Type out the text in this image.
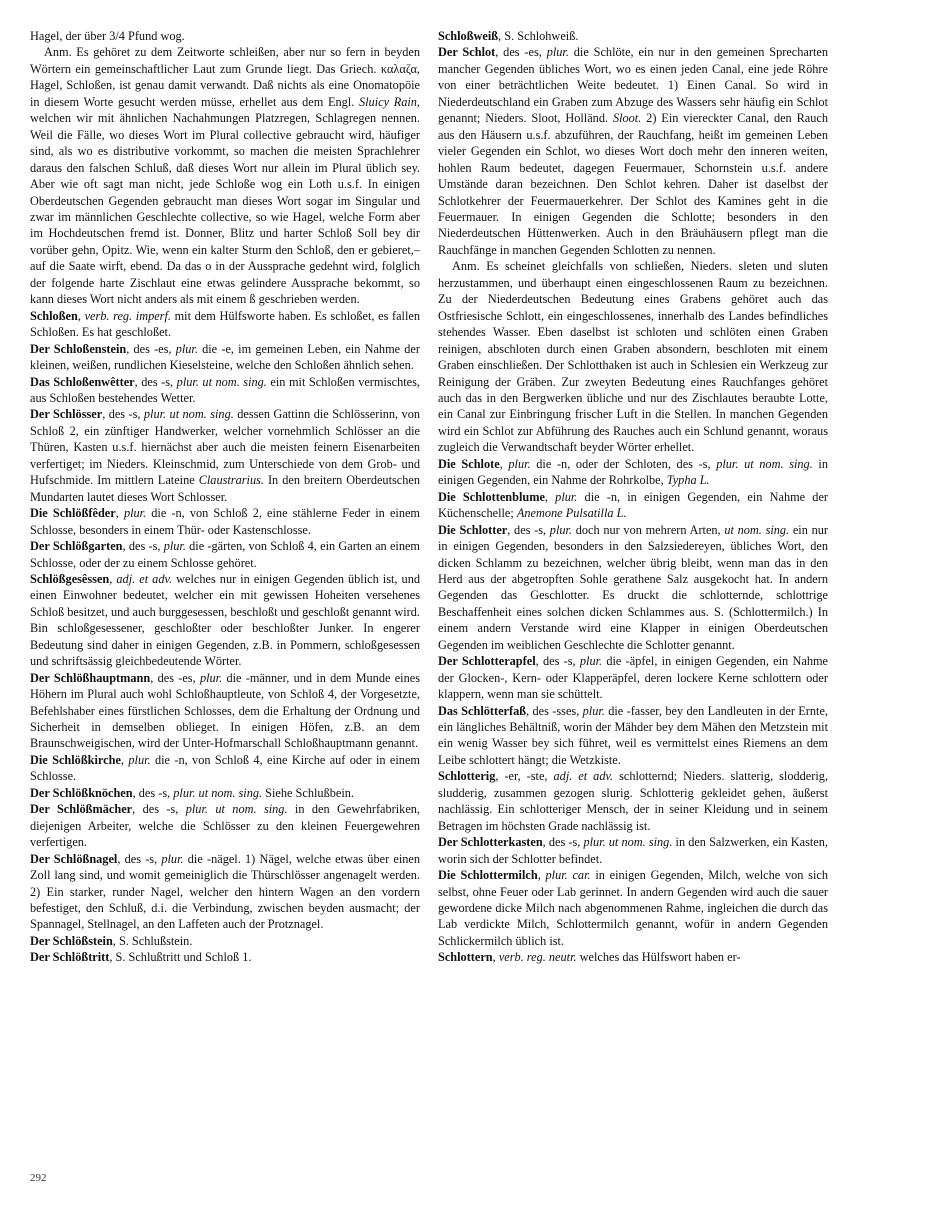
Hagel, der über 3/4 Pfund wog.

Anm. Es gehöret zu dem Zeitworte schleißen, aber nur so fern in beyden Wörtern ein gemeinschaftlicher Laut zum Grunde liegt. Das Griech. καλαζα, Hagel, Schloßen, ist genau damit verwandt. Daß nichts als eine Onomatopöie in diesem Worte gesucht werden müsse, erhellet aus dem Engl. Sluicy Rain, welchen wir mit ähnlichen Nachahmungen Platzregen, Schlagregen nennen. Weil die Fälle, wo dieses Wort im Plural collective gebraucht wird, häufiger sind, als wo es distributive vorkommt, so machen die meisten Sprachlehrer daraus den falschen Schluß, daß dieses Wort nur allein im Plural üblich sey. Aber wie oft sagt man nicht, jede Schloße wog ein Loth u.s.f. In einigen Oberdeutschen Gegenden gebraucht man dieses Wort sogar im Singular und zwar im männlichen Geschlechte collective, so wie Hagel, welche Form aber im Hochdeutschen fremd ist. Donner, Blitz und harter Schloß Soll bey dir vorüber gehn, Opitz. Wie, wenn ein kalter Sturm den Schloß, den er gebieret,– auf die Saate wirft, ebend. Da das o in der Aussprache gedehnt wird, folglich der folgende harte Zischlaut eine etwas gelindere Aussprache bekommt, so kann dieses Wort nicht anders als mit einem ß geschrieben werden.

Schloßen, verb. reg. imperf. mit dem Hülfsworte haben. Es schloßet, es fallen Schloßen. Es hat geschloßet.

Der Schloßenstein, des -es, plur. die -e, im gemeinen Leben, ein Nahme der kleinen, weißen, rundlichen Kieselsteine, welche den Schloßen ähnlich sehen.

Das Schloßenwêtter, des -s, plur. ut nom. sing. ein mit Schloßen vermischtes, aus Schloßen bestehendes Wetter.

Der Schlösser, des -s, plur. ut nom. sing. dessen Gattinn die Schlösserinn, von Schloß 2, ein zünftiger Handwerker, welcher vornehmlich Schlösser an die Thüren, Kasten u.s.f. hiernächst aber auch die meisten feinern Eisenarbeiten verfertiget; im Nieders. Kleinschmid, zum Unterschiede von dem Grob- und Hufschmide. Im mittlern Lateine Claustrarius. In den breitern Oberdeutschen Mundarten lautet dieses Wort Schlosser.

Die Schlößfêder, plur. die -n, von Schloß 2, eine stählerne Feder in einem Schlosse, besonders in einem Thür- oder Kastenschlosse.

Der Schlößgarten, des -s, plur. die -gärten, von Schloß 4, ein Garten an einem Schlosse, oder der zu einem Schlosse gehöret.

Schlößgesêssen, adj. et adv. welches nur in einigen Gegenden üblich ist, und einen Einwohner bedeutet, welcher ein mit gewissen Hoheiten versehenes Schloß besitzet, und auch burggesessen, beschloßt und geschloßt genannt wird. Bin schloßgesessener, geschloßter oder beschloßter Junker. In engerer Bedeutung sind daher in einigen Gegenden, z.B. in Pommern, schloßgesessen und schriftsässig gleichbedeutende Wörter.

Der Schlößhauptmann, des -es, plur. die -männer, und in dem Munde eines Höhern im Plural auch wohl Schloßhauptleute, von Schloß 4, der Vorgesetzte, Befehlshaber eines fürstlichen Schlosses, dem die Erhaltung der Ordnung und Sicherheit in demselben oblieget. In einigen Höfen, z.B. an dem Braunschweigischen, wird der Unter-Hofmarschall Schloßhauptmann genannt.

Die Schlößkirche, plur. die -n, von Schloß 4, eine Kirche auf oder in einem Schlosse.

Der Schlößknöchen, des -s, plur. ut nom. sing. Siehe Schlußbein.

Der Schlößmächer, des -s, plur. ut nom. sing. in den Gewehrfabriken, diejenigen Arbeiter, welche die Schlösser zu den kleinen Feuergewehren verfertigen.

Der Schlößnagel, des -s, plur. die -nägel. 1) Nägel, welche etwas über einen Zoll lang sind, und womit gemeiniglich die Thürschlösser angenagelt werden. 2) Ein starker, runder Nagel, welcher den hintern Wagen an den vordern befestiget, den Schluß, d.i. die Verbindung, zwischen beyden ausmacht; der Spannagel, Stellnagel, an den Laffeten auch der Protznagel.

Der Schlößstein, S. Schlußstein.

Der Schlößtritt, S. Schlußtritt und Schloß 1.

Schloßweiß, S. Schlohweiß.

Der Schlot, des -es, plur. die Schlöte, ein nur in den gemeinen Sprecharten mancher Gegenden übliches Wort, wo es einen jeden Canal, eine jede Röhre von einer beträchtlichen Weite bedeutet. 1) Einen Canal. So wird in Niederdeutschland ein Graben zum Abzuge des Wassers sehr häufig ein Schlot genannt; Nieders. Sloot, Holländ. Sloot. 2) Ein viereckter Canal, den Rauch aus den Häusern u.s.f. abzuführen, der Rauchfang, heißt im gemeinen Leben vieler Gegenden ein Schlot, wo dieses Wort doch mehr den inneren weiten, hohlen Raum bedeutet, dagegen Feuermauer, Schornstein u.s.f. andere Umstände daran bezeichnen. Den Schlot kehren. Daher ist daselbst der Schlotkehrer der Feuermauerkehrer. Der Schlot des Kamines geht in die Feuermauer. In einigen Gegenden die Schlotte; besonders in den Niederdeutschen Hüttenwerken. Auch in den Bräuhäusern pflegt man die Rauchfänge in manchen Gegenden Schlotten zu nennen.

Anm. Es scheinet gleichfalls von schließen, Nieders. sleten und sluten herzustammen, und überhaupt einen eingeschlossenen Raum zu bezeichnen. Zu der Niederdeutschen Bedeutung eines Grabens gehöret auch das Ostfriesische Schlott, ein eingeschlossenes, innerhalb des Landes befindliches stehendes Wasser. Eben daselbst ist schloten und schlöten einen Graben reinigen, abschloten durch einen Graben absondern, beschloten mit einem Graben einschließen. Der Schlotthaken ist auch in Schlesien ein Werkzeug zur Reinigung der Gräben. Zur zweyten Bedeutung eines Rauchfanges gehöret auch das in den Bergwerken übliche und nur des Zischlautes beraubte Lotte, ein Canal zur Einbringung frischer Luft in die Stellen. In manchen Gegenden wird ein Schlot zur Abführung des Rauches auch ein Schlund genannt, woraus zugleich die Verwandtschaft beyder Wörter erhellet.

Die Schlote, plur. die -n, oder der Schloten, des -s, plur. ut nom. sing. in einigen Gegenden, ein Nahme der Rohrkolbe, Typha L.

Die Schlottenblume, plur. die -n, in einigen Gegenden, ein Nahme der Küchenschelle; Anemone Pulsatilla L.

Die Schlotter, des -s, plur. doch nur von mehrern Arten, ut nom. sing. ein nur in einigen Gegenden, besonders in den Salzsiedereyen, übliches Wort, den dicken Schlamm zu bezeichnen, welcher übrig bleibt, wenn man das in den Herd aus der abgetropften Sohle gerathene Salz ausgekocht hat. In andern Gegenden das Geschlotter. Es druckt die schlotternde, schlottrige Beschaffenheit eines solchen dicken Schlammes aus. S. (Schlottermilch.) In einem andern Verstande wird eine Klapper in einigen Oberdeutschen Gegenden im weiblichen Geschlechte die Schlotter genannt.

Der Schlotterapfel, des -s, plur. die -äpfel, in einigen Gegenden, ein Nahme der Glocken-, Kern- oder Klapperäpfel, deren lockere Kerne schlottern oder klappern, wenn man sie schüttelt.

Das Schlötterfaß, des -sses, plur. die -fasser, bey den Landleuten in der Ernte, ein längliches Behältniß, worin der Mähder bey dem Mähen den Metzstein mit ein wenig Wasser bey sich führet, weil es vermittelst eines Riemens an dem Leibe schlottert hängt; die Wetzkiste.

Schlotterig, -er, -ste, adj. et adv. schlotternd; Nieders. slatterig, slodderig, sludderig, zusammen gezogen slurig. Schlotterig gekleidet gehen, äußerst nachlässig. Ein schlotteriger Mensch, der in seiner Kleidung und in seinem Betragen im höchsten Grade nachlässig ist.

Der Schlotterkasten, des -s, plur. ut nom. sing. in den Salzwerken, ein Kasten, worin sich der Schlotter befindet.

Die Schlottermilch, plur. car. in einigen Gegenden, Milch, welche von sich selbst, ohne Feuer oder Lab gerinnet. In andern Gegenden wird auch die sauer gewordene dicke Milch nach abgenommenen Rahme, ingleichen die durch das Lab verdickte Milch, Schlottermilch genannt, wofür in andern Gegenden Schlickermilch üblich ist.

Schlottern, verb. reg. neutr. welches das Hülfswort haben er-

292
